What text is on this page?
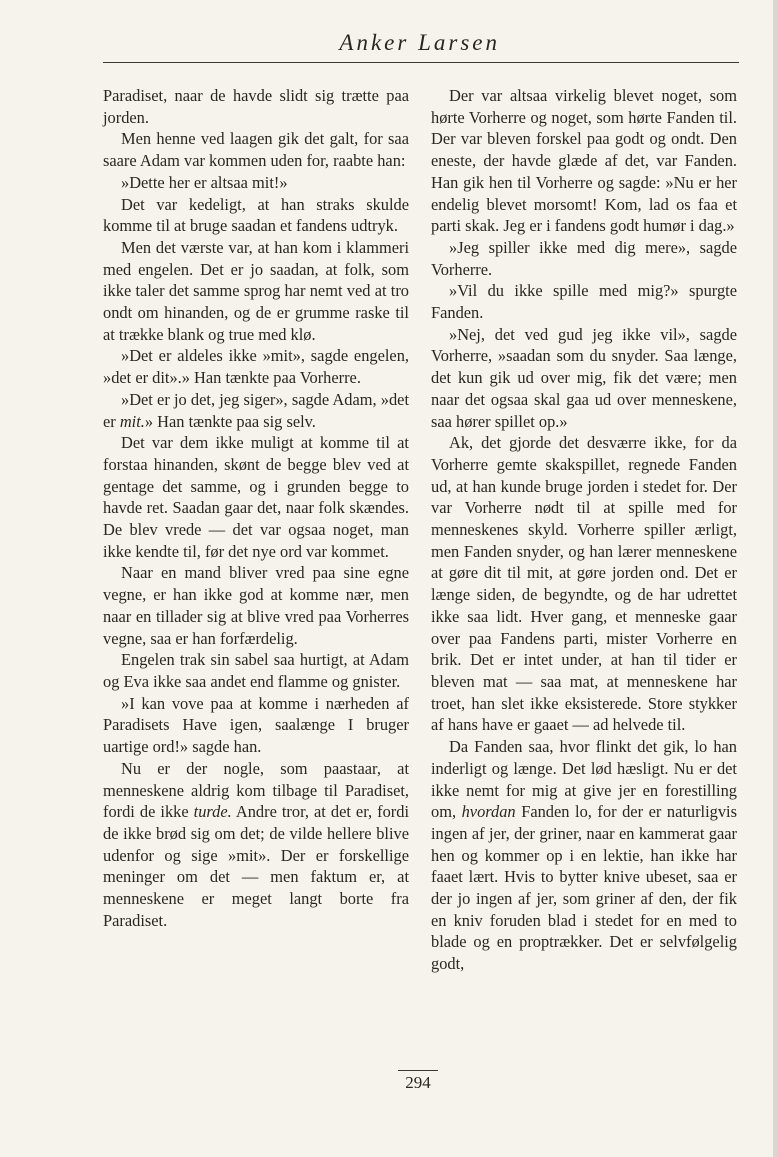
Anker Larsen

Paradiset, naar de havde slidt sig trætte paa jorden.

Men henne ved laagen gik det galt, for saa saare Adam var kommen uden for, raabte han:

»Dette her er altsaa mit!»

Det var kedeligt, at han straks skulde komme til at bruge saadan et fandens udtryk.

Men det værste var, at han kom i klammeri med engelen. Det er jo saadan, at folk, som ikke taler det samme sprog har nemt ved at tro ondt om hinanden, og de er grumme raske til at trække blank og true med klø.

»Det er aldeles ikke »mit», sagde engelen, »det er dit».» Han tænkte paa Vorherre.

»Det er jo det, jeg siger», sagde Adam, »det er mit.» Han tænkte paa sig selv.

Det var dem ikke muligt at komme til at forstaa hinanden, skønt de begge blev ved at gentage det samme, og i grunden begge to havde ret. Saadan gaar det, naar folk skændes. De blev vrede — det var ogsaa noget, man ikke kendte til, før det nye ord var kommet.

Naar en mand bliver vred paa sine egne vegne, er han ikke god at komme nær, men naar en tillader sig at blive vred paa Vorherres vegne, saa er han forfærdelig.

Engelen trak sin sabel saa hurtigt, at Adam og Eva ikke saa andet end flamme og gnister.

»I kan vove paa at komme i nærheden af Paradisets Have igen, saalænge I bruger uartige ord!» sagde han.

Nu er der nogle, som paastaar, at menneskene aldrig kom tilbage til Paradiset, fordi de ikke turde. Andre tror, at det er, fordi de ikke brød sig om det; de vilde hellere blive udenfor og sige »mit». Der er forskellige meninger om det — men faktum er, at menneskene er meget langt borte fra Paradiset.

Der var altsaa virkelig blevet noget, som hørte Vorherre og noget, som hørte Fanden til. Der var bleven forskel paa godt og ondt. Den eneste, der havde glæde af det, var Fanden. Han gik hen til Vorherre og sagde: »Nu er her endelig blevet morsomt! Kom, lad os faa et parti skak. Jeg er i fandens godt humør i dag.»

»Jeg spiller ikke med dig mere», sagde Vorherre.

»Vil du ikke spille med mig?» spurgte Fanden.

»Nej, det ved gud jeg ikke vil», sagde Vorherre, »saadan som du snyder. Saa længe, det kun gik ud over mig, fik det være; men naar det ogsaa skal gaa ud over menneskene, saa hører spillet op.»

Ak, det gjorde det desværre ikke, for da Vorherre gemte skakspillet, regnede Fanden ud, at han kunde bruge jorden i stedet for. Der var Vorherre nødt til at spille med for menneskenes skyld. Vorherre spiller ærligt, men Fanden snyder, og han lærer menneskene at gøre dit til mit, at gøre jorden ond. Det er længe siden, de begyndte, og de har udrettet ikke saa lidt. Hver gang, et menneske gaar over paa Fandens parti, mister Vorherre en brik. Det er intet under, at han til tider er bleven mat — saa mat, at menneskene har troet, han slet ikke eksisterede. Store stykker af hans have er gaaet — ad helvede til.

Da Fanden saa, hvor flinkt det gik, lo han inderligt og længe. Det lød hæsligt. Nu er det ikke nemt for mig at give jer en forestilling om, hvordan Fanden lo, for der er naturligvis ingen af jer, der griner, naar en kammerat gaar hen og kommer op i en lektie, han ikke har faaet lært. Hvis to bytter knive ubeset, saa er der jo ingen af jer, som griner af den, der fik en kniv foruden blad i stedet for en med to blade og en proptrækker. Det er selvfølgelig godt,

294
